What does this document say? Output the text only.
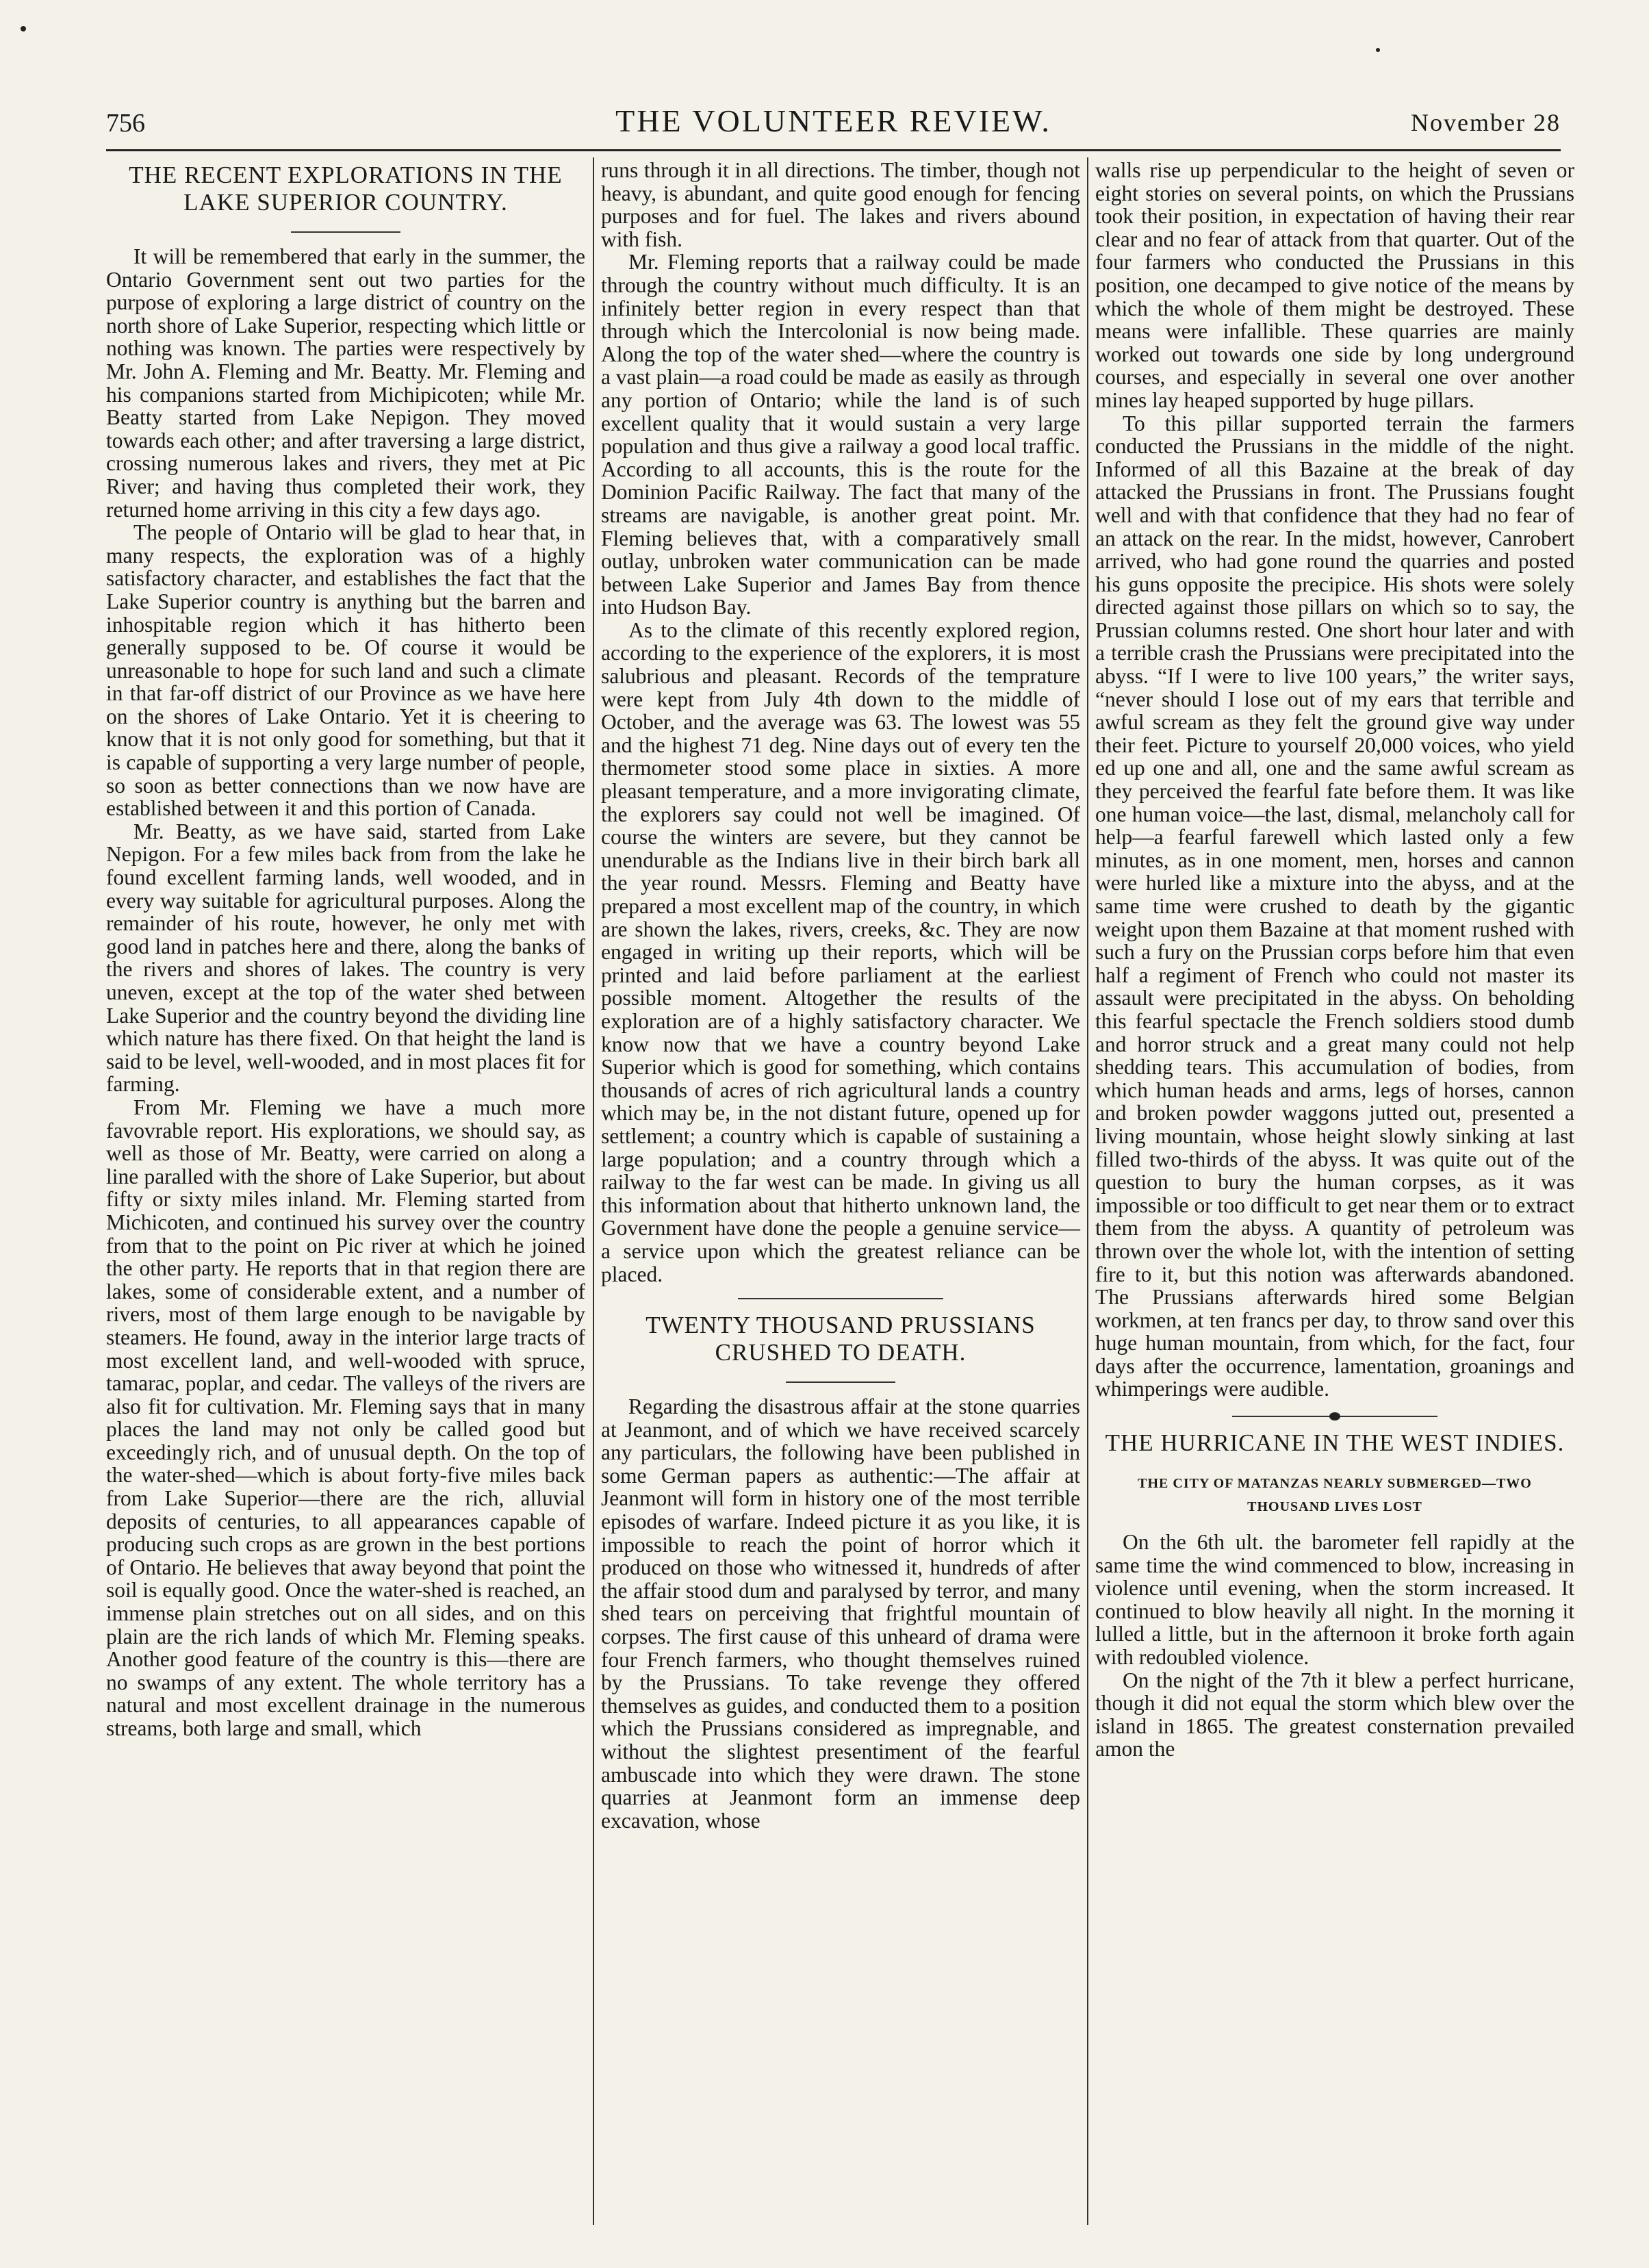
756	THE VOLUNTEER REVIEW.	November 28
THE RECENT EXPLORATIONS IN THE LAKE SUPERIOR COUNTRY.

It will be remembered that early in the summer, the Ontario Government sent out two parties for the purpose of exploring a large district of country on the north shore of Lake Superior, respecting which little or nothing was known. The parties were respectively by Mr. John A. Fleming and Mr. Beatty. Mr. Fleming and his companions started from Michipicoten; while Mr. Beatty started from Lake Nepigon. They moved towards each other; and after traversing a large district, crossing numerous lakes and rivers, they met at Pic River; and having thus completed their work, they returned home arriving in this city a few days ago.

The people of Ontario will be glad to hear that, in many respects, the exploration was of a highly satisfactory character, and establishes the fact that the Lake Superior country is anything but the barren and inhospitable region which it has hitherto been generally supposed to be. Of course it would be unreasonable to hope for such land and such a climate in that far-off district of our Province as we have here on the shores of Lake Ontario. Yet it is cheering to know that it is not only good for something, but that it is capable of supporting a very large number of people, so soon as better connections than we now have are established between it and this portion of Canada.

Mr. Beatty, as we have said, started from Lake Nepigon. For a few miles back from from the lake he found excellent farming lands, well wooded, and in every way suitable for agricultural purposes. Along the remainder of his route, however, he only met with good land in patches here and there, along the banks of the rivers and shores of lakes. The country is very uneven, except at the top of the water shed between Lake Superior and the country beyond the dividing line which nature has there fixed. On that height the land is said to be level, well-wooded, and in most places fit for farming.

From Mr. Fleming we have a much more favovrable report. His explorations, we should say, as well as those of Mr. Beatty, were carried on along a line paralled with the shore of Lake Superior, but about fifty or sixty miles inland. Mr. Fleming started from Michicoten, and continued his survey over the country from that to the point on Pic river at which he joined the other party. He reports that in that region there are lakes, some of considerable extent, and a number of rivers, most of them large enough to be navigable by steamers. He found, away in the interior large tracts of most excellent land, and well-wooded with spruce, tamarac, poplar, and cedar. The valleys of the rivers are also fit for cultivation. Mr. Fleming says that in many places the land may not only be called good but exceedingly rich, and of unusual depth. On the top of the water-shed—which is about forty-five miles back from Lake Superior—there are the rich, alluvial deposits of centuries, to all appearances capable of producing such crops as are grown in the best portions of Ontario. He believes that away beyond that point the soil is equally good. Once the water-shed is reached, an immense plain stretches out on all sides, and on this plain are the rich lands of which Mr. Fleming speaks. Another good feature of the country is this—there are no swamps of any extent. The whole territory has a natural and most excellent drainage in the numerous streams, both large and small, which

runs through it in all directions. The timber, though not heavy, is abundant, and quite good enough for fencing purposes and for fuel. The lakes and rivers abound with fish.

Mr. Fleming reports that a railway could be made through the country without much difficulty. It is an infinitely better region in every respect than that through which the Intercolonial is now being made. Along the top of the water shed—where the country is a vast plain—a road could be made as easily as through any portion of Ontario; while the land is of such excellent quality that it would sustain a very large population and thus give a railway a good local traffic. According to all accounts, this is the route for the Dominion Pacific Railway. The fact that many of the streams are navigable, is another great point. Mr. Fleming believes that, with a comparatively small outlay, unbroken water communication can be made between Lake Superior and James Bay from thence into Hudson Bay.

As to the climate of this recently explored region, according to the experience of the explorers, it is most salubrious and pleasant. Records of the temprature were kept from July 4th down to the middle of October, and the average was 63. The lowest was 55 and the highest 71 deg. Nine days out of every ten the thermometer stood some place in sixties. A more pleasant temperature, and a more invigorating climate, the explorers say could not well be imagined. Of course the winters are severe, but they cannot be unendurable as the Indians live in their birch bark all the year round. Messrs. Fleming and Beatty have prepared a most excellent map of the country, in which are shown the lakes, rivers, creeks, &c. They are now engaged in writing up their reports, which will be printed and laid before parliament at the earliest possible moment. Altogether the results of the exploration are of a highly satisfactory character. We know now that we have a country beyond Lake Superior which is good for something, which contains thousands of acres of rich agricultural lands a country which may be, in the not distant future, opened up for settlement; a country which is capable of sustaining a large population; and a country through which a railway to the far west can be made. In giving us all this information about that hitherto unknown land, the Government have done the people a genuine service—a service upon which the greatest reliance can be placed.

TWENTY THOUSAND PRUSSIANS CRUSHED TO DEATH.

Regarding the disastrous affair at the stone quarries at Jeanmont, and of which we have received scarcely any particulars, the following have been published in some German papers as authentic:—The affair at Jeanmont will form in history one of the most terrible episodes of warfare. Indeed picture it as you like, it is impossible to reach the point of horror which it produced on those who witnessed it, hundreds of after the affair stood dum and paralysed by terror, and many shed tears on perceiving that frightful mountain of corpses. The first cause of this unheard of drama were four French farmers, who thought themselves ruined by the Prussians. To take revenge they offered themselves as guides, and conducted them to a position which the Prussians considered as impregnable, and without the slightest presentiment of the fearful ambuscade into which they were drawn. The stone quarries at Jeanmont form an immense deep excavation, whose

walls rise up perpendicular to the height of seven or eight stories on several points, on which the Prussians took their position, in expectation of having their rear clear and no fear of attack from that quarter. Out of the four farmers who conducted the Prussians in this position, one decamped to give notice of the means by which the whole of them might be destroyed. These means were infallible. These quarries are mainly worked out towards one side by long underground courses, and especially in several one over another mines lay heaped supported by huge pillars.

To this pillar supported terrain the farmers conducted the Prussians in the middle of the night. Informed of all this Bazaine at the break of day attacked the Prussians in front. The Prussians fought well and with that confidence that they had no fear of an attack on the rear. In the midst, however, Canrobert arrived, who had gone round the quarries and posted his guns opposite the precipice. His shots were solely directed against those pillars on which so to say, the Prussian columns rested. One short hour later and with a terrible crash the Prussians were precipitated into the abyss. “If I were to live 100 years,” the writer says, “never should I lose out of my ears that terrible and awful scream as they felt the ground give way under their feet. Picture to yourself 20,000 voices, who yield ed up one and all, one and the same awful scream as they perceived the fearful fate before them. It was like one human voice—the last, dismal, melancholy call for help—a fearful farewell which lasted only a few minutes, as in one moment, men, horses and cannon were hurled like a mixture into the abyss, and at the same time were crushed to death by the gigantic weight upon them Bazaine at that moment rushed with such a fury on the Prussian corps before him that even half a regiment of French who could not master its assault were precipitated in the abyss. On beholding this fearful spectacle the French soldiers stood dumb and horror struck and a great many could not help shedding tears. This accumulation of bodies, from which human heads and arms, legs of horses, cannon and broken powder waggons jutted out, presented a living mountain, whose height slowly sinking at last filled two-thirds of the abyss. It was quite out of the question to bury the human corpses, as it was impossible or too difficult to get near them or to extract them from the abyss. A quantity of petroleum was thrown over the whole lot, with the intention of setting fire to it, but this notion was afterwards abandoned. The Prussians afterwards hired some Belgian workmen, at ten francs per day, to throw sand over this huge human mountain, from which, for the fact, four days after the occurrence, lamentation, groanings and whimperings were audible.

THE HURRICANE IN THE WEST INDIES.
THE CITY OF MATANZAS NEARLY SUBMERGED—TWO THOUSAND LIVES LOST

On the 6th ult. the barometer fell rapidly at the same time the wind commenced to blow, increasing in violence until evening, when the storm increased. It continued to blow heavily all night. In the morning it lulled a little, but in the afternoon it broke forth again with redoubled violence.

On the night of the 7th it blew a perfect hurricane, though it did not equal the storm which blew over the island in 1865. The greatest consternation prevailed amon the
